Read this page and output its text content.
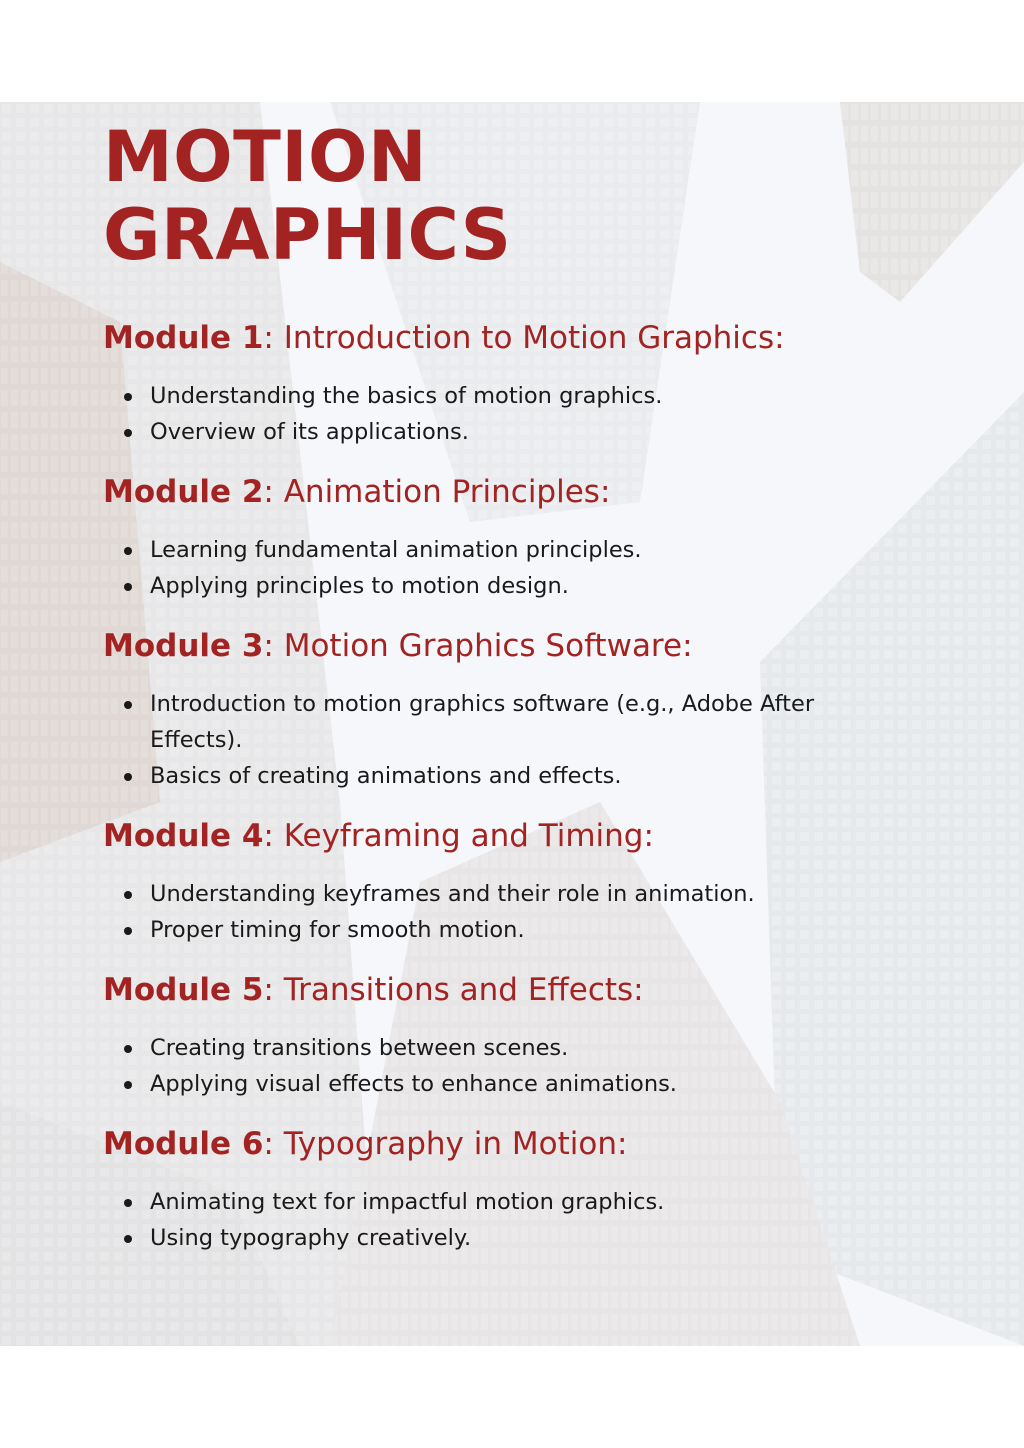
MOTION
GRAPHICS
Module 1: Introduction to Motion Graphics:
Understanding the basics of motion graphics.
Overview of its applications.
Module 2: Animation Principles:
Learning fundamental animation principles.
Applying principles to motion design.
Module 3: Motion Graphics Software:
Introduction to motion graphics software (e.g., Adobe After Effects).
Basics of creating animations and effects.
Module 4: Keyframing and Timing:
Understanding keyframes and their role in animation.
Proper timing for smooth motion.
Module 5: Transitions and Effects:
Creating transitions between scenes.
Applying visual effects to enhance animations.
Module 6: Typography in Motion:
Animating text for impactful motion graphics.
Using typography creatively.
